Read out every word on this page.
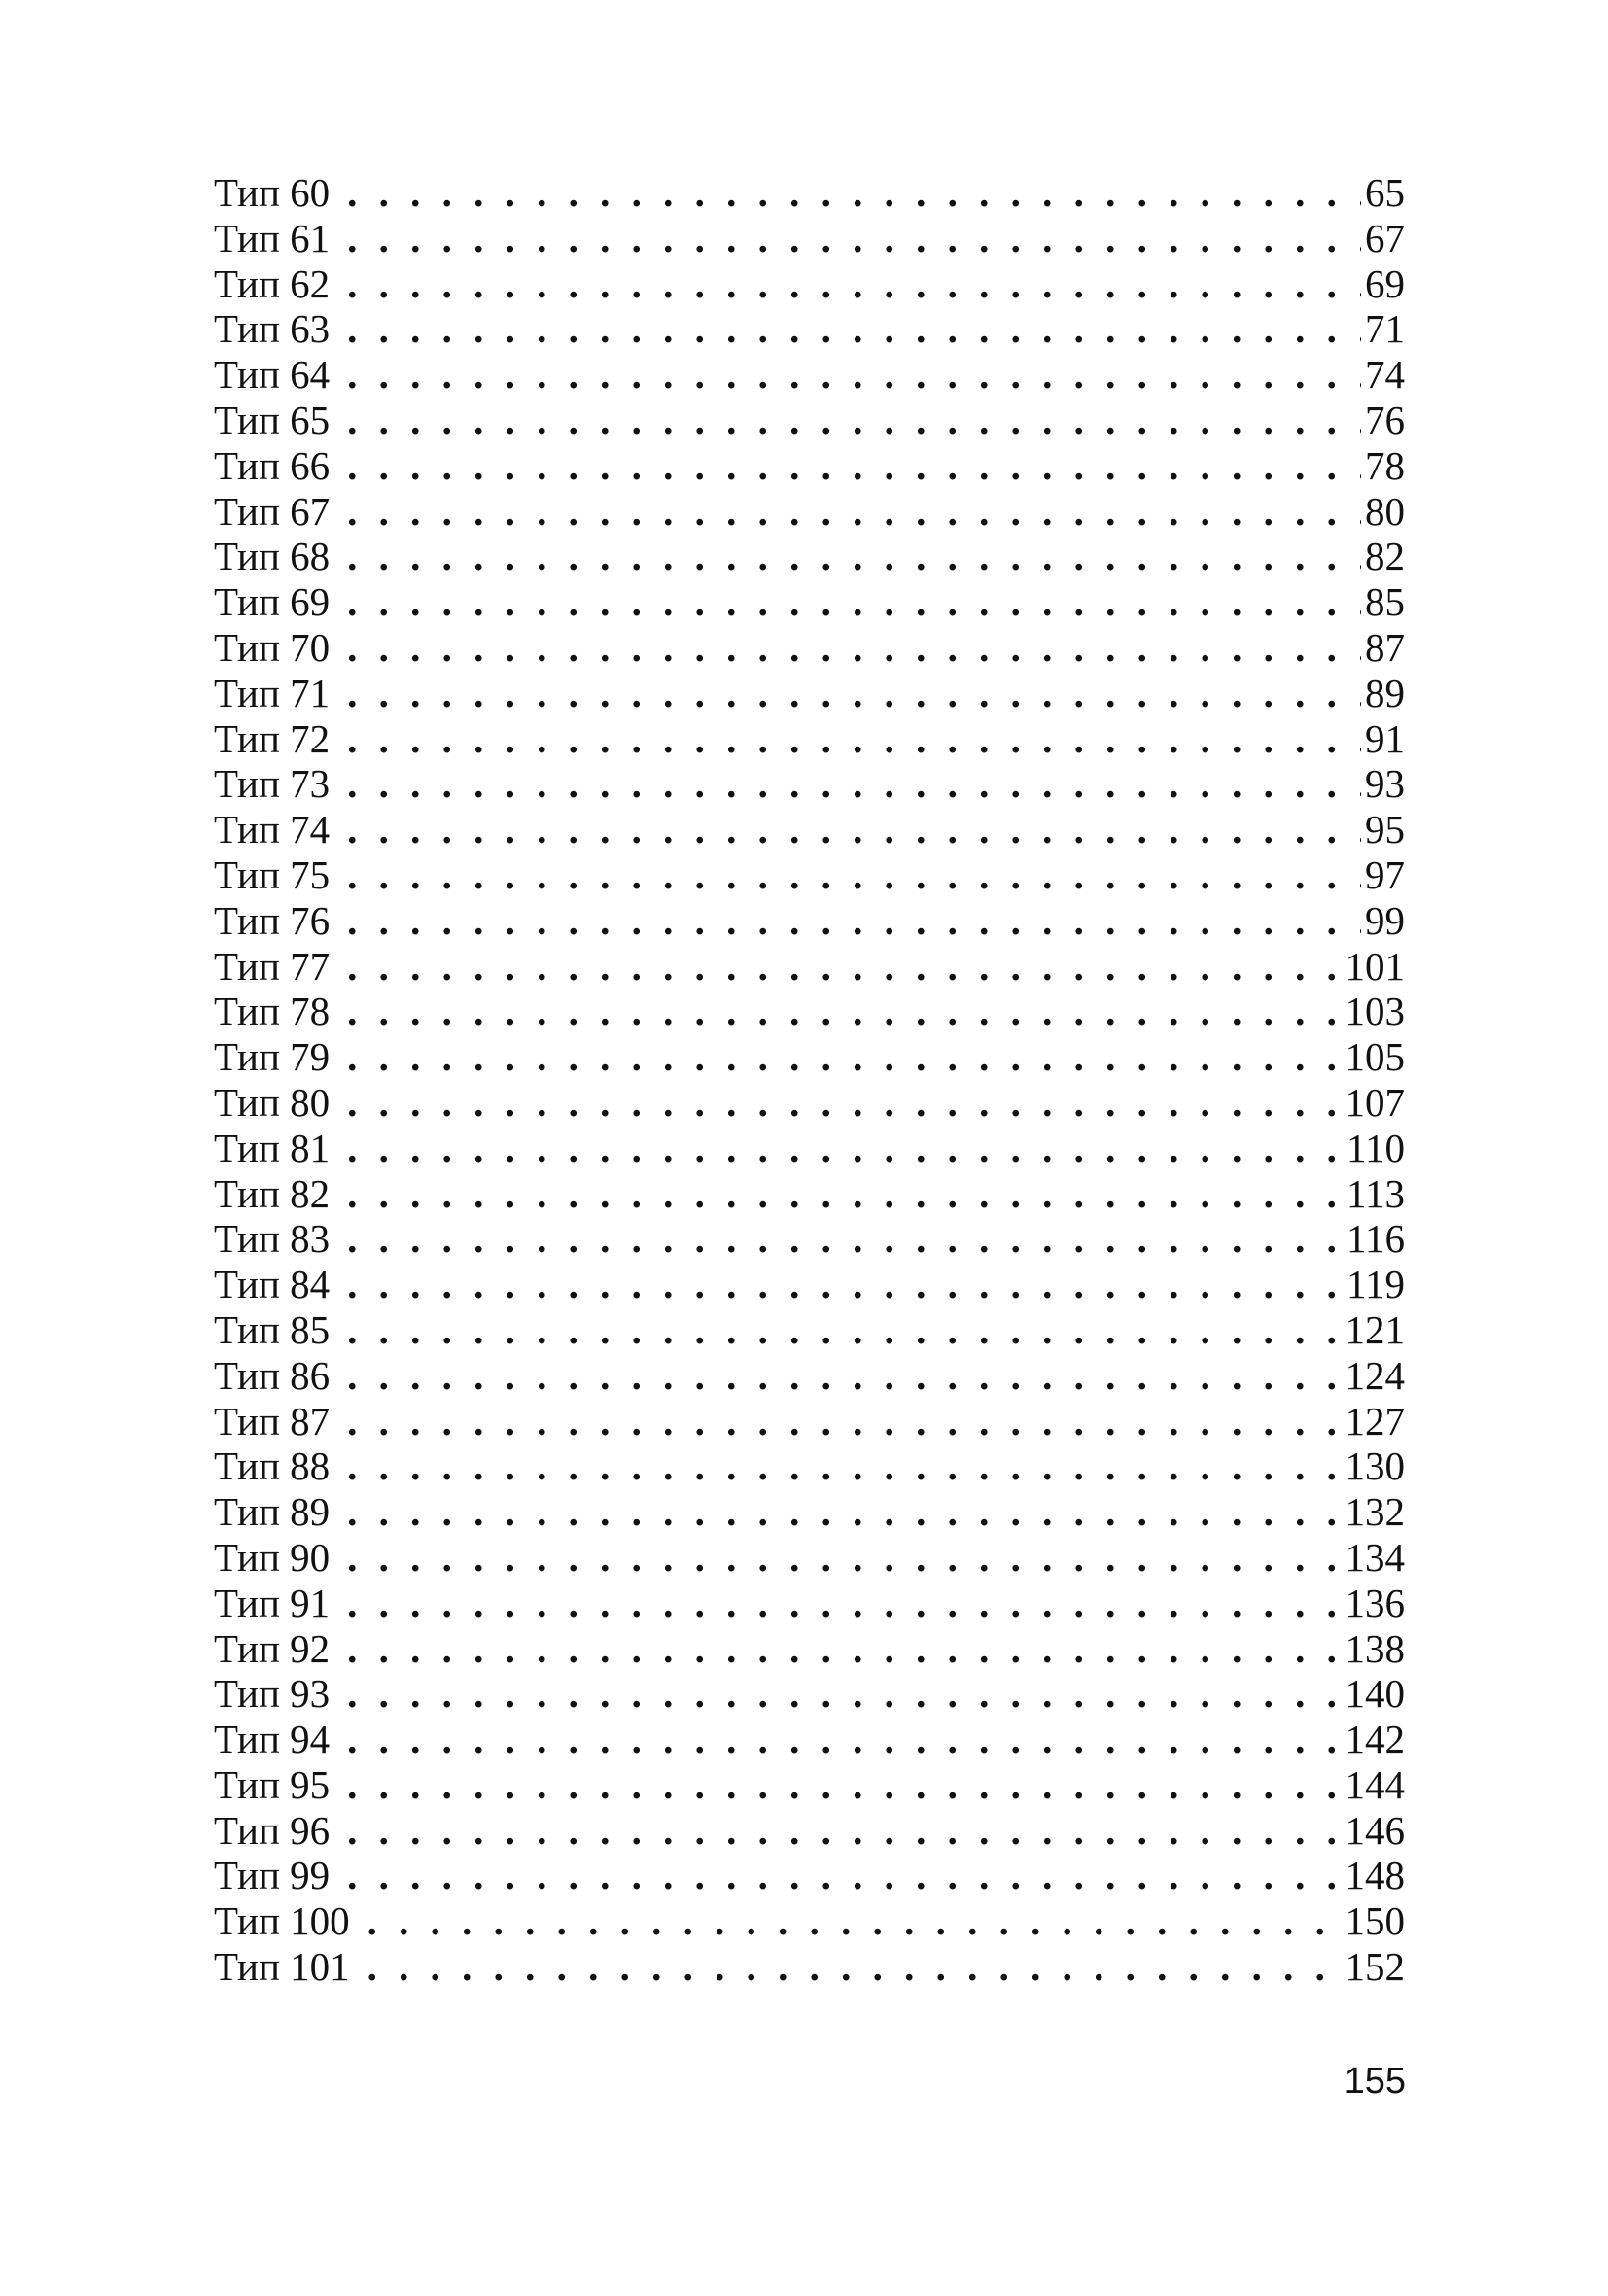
Тип 60 . . .	65
Тип 61 . . .	67
Тип 62 . . .	69
Тип 63 . . .	71
Тип 64 . . .	74
Тип 65 . . .	76
Тип 66 . . .	78
Тип 67 . . .	80
Тип 68 . . .	82
Тип 69 . . .	85
Тип 70 . . .	87
Тип 71 . . .	89
Тип 72 . . .	91
Тип 73 . . .	93
Тип 74 . . .	95
Тип 75 . . .	97
Тип 76 . . .	99
Тип 77 . . .	101
Тип 78 . . .	103
Тип 79 . . .	105
Тип 80 . . .	107
Тип 81 . . .	110
Тип 82 . . .	113
Тип 83 . . .	116
Тип 84 . . .	119
Тип 85 . . .	121
Тип 86 . . .	124
Тип 87 . . .	127
Тип 88 . . .	130
Тип 89 . . .	132
Тип 90 . . .	134
Тип 91 . . .	136
Тип 92 . . .	138
Тип 93 . . .	140
Тип 94 . . .	142
Тип 95 . . .	144
Тип 96 . . .	146
Тип 99 . . .	148
Тип 100 . . .	150
Тип 101 . . .	152
155
